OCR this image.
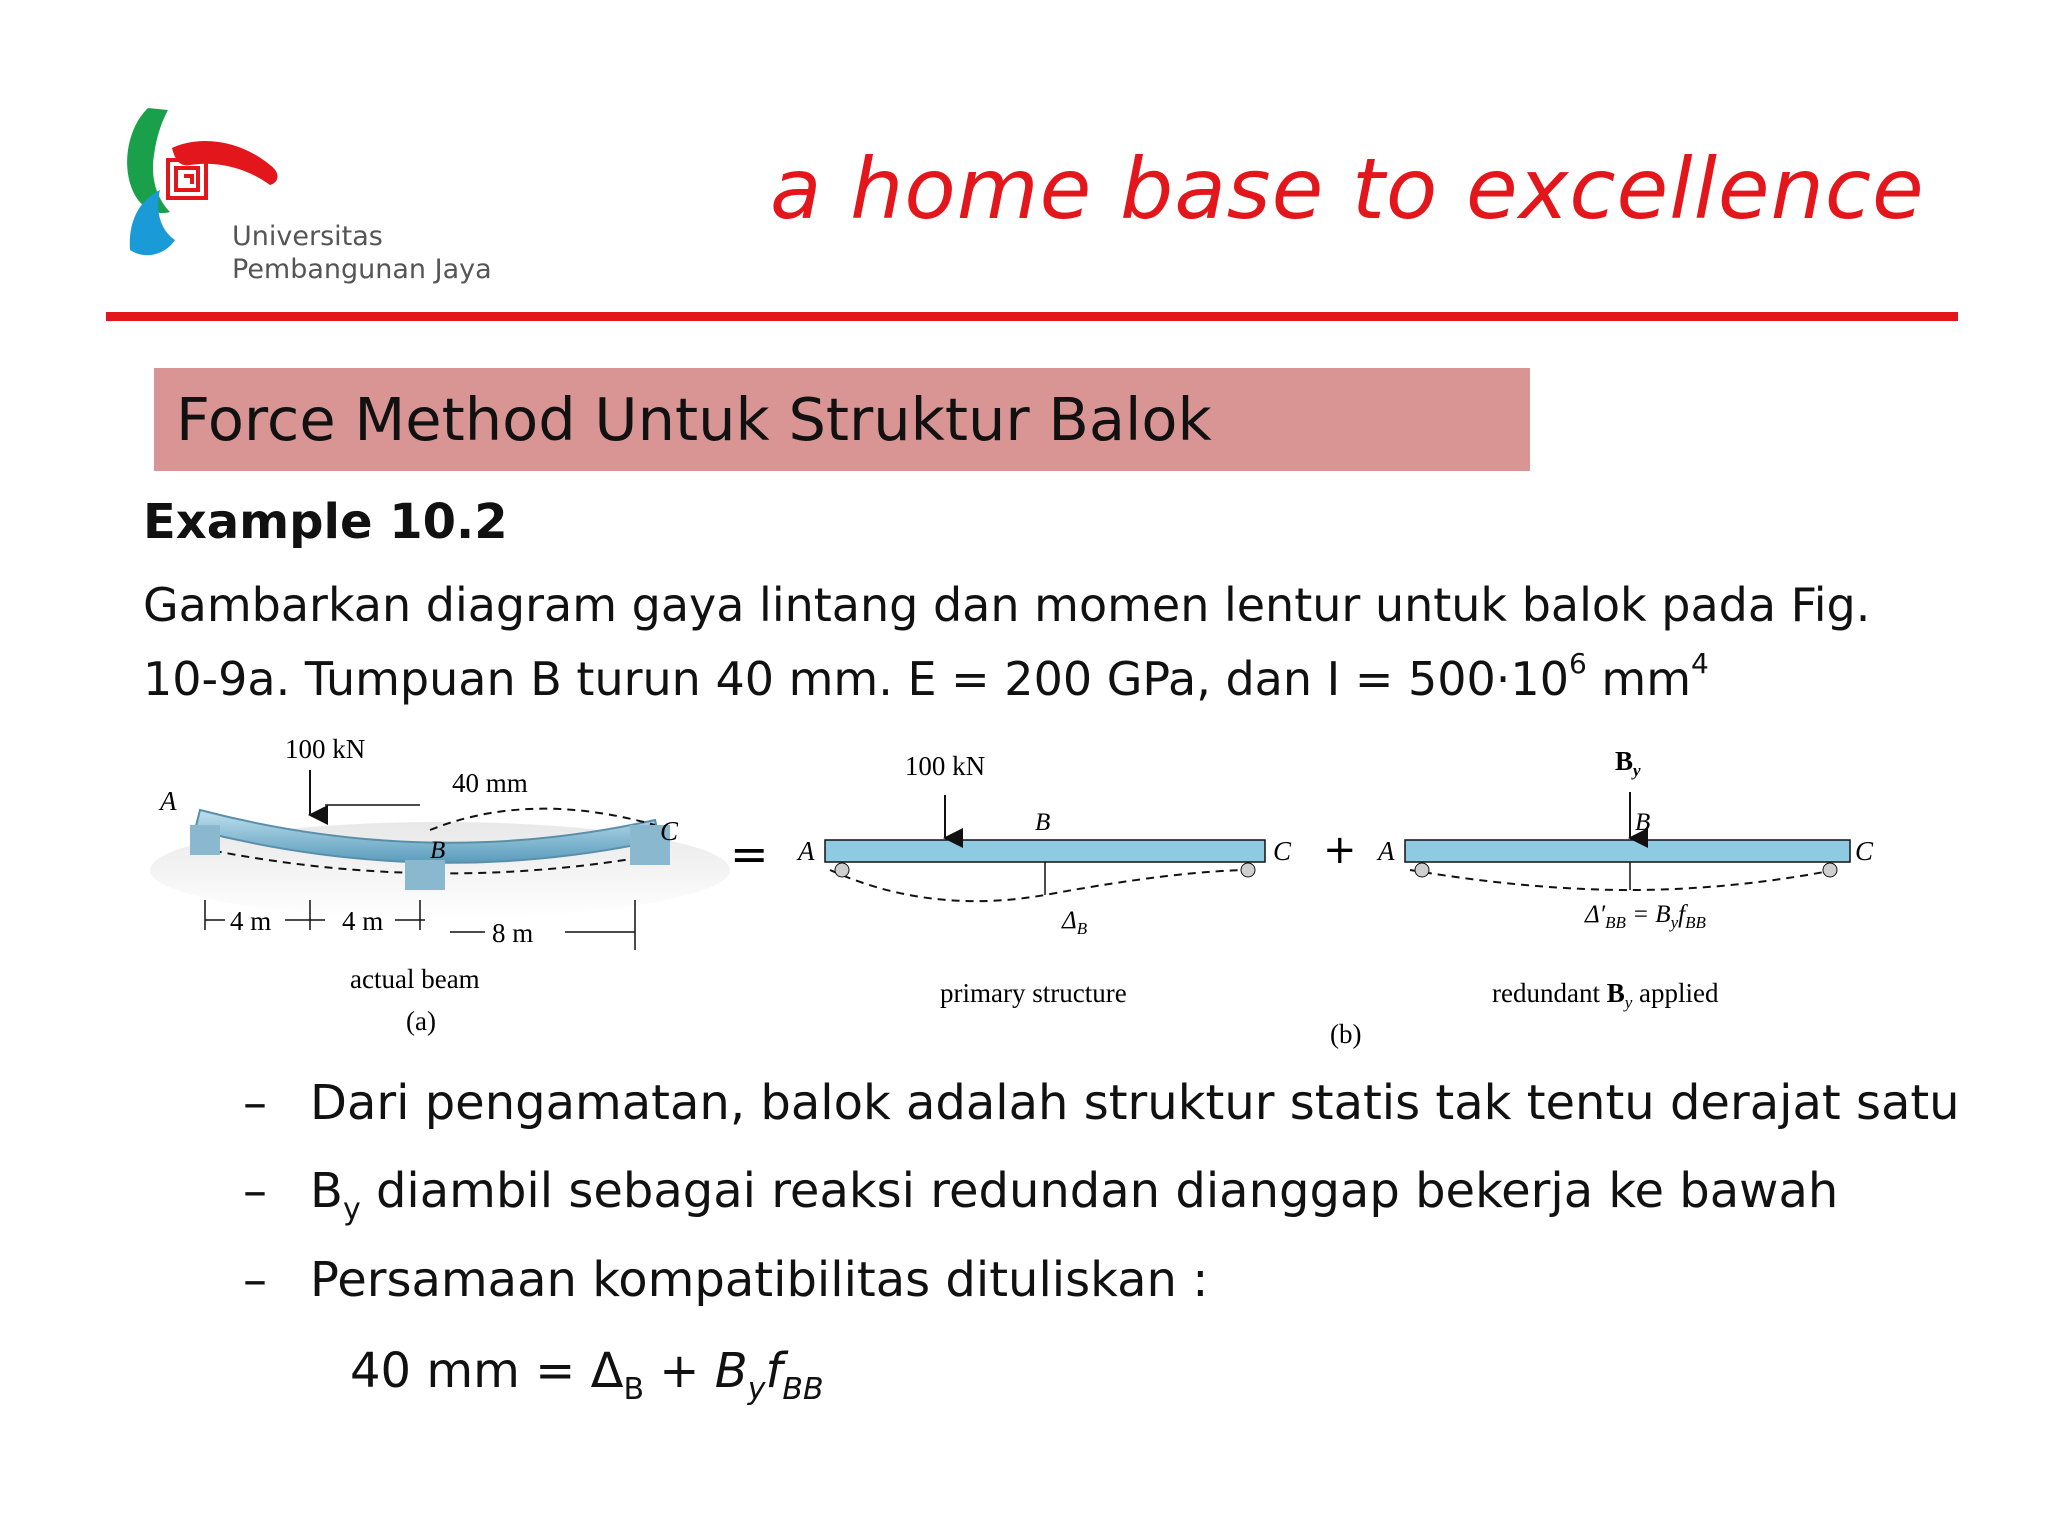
Universitas
Pembangunan Jaya
a home base to excellence
Force Method Untuk Struktur Balok
Example 10.2
Gambarkan diagram gaya lintang dan momen lentur untuk balok pada Fig.
10-9a. Tumpuan B turun 40 mm. E = 200 GPa, dan $I = 500\cdot 10^6$ $mm^4$
100 kN
40 mm
A
B
C
4 m	4 m	8 m
actual beam
(a)
=
100 kN
A
B
C
$\Delta_B$
primary structure
+
$B_y$
B
A	C
$\Delta'_{BB} = B_yf_{BB}$
redundant $B_y$ applied
(b)
– Dari pengamatan, balok adalah struktur statis tak tentu derajat satu
– $B_y$ diambil sebagai reaksi redundan dianggap bekerja ke bawah
– Persamaan kompatibilitas dituliskan :
40 mm = $\Delta_B + B_yf_{BB}$
